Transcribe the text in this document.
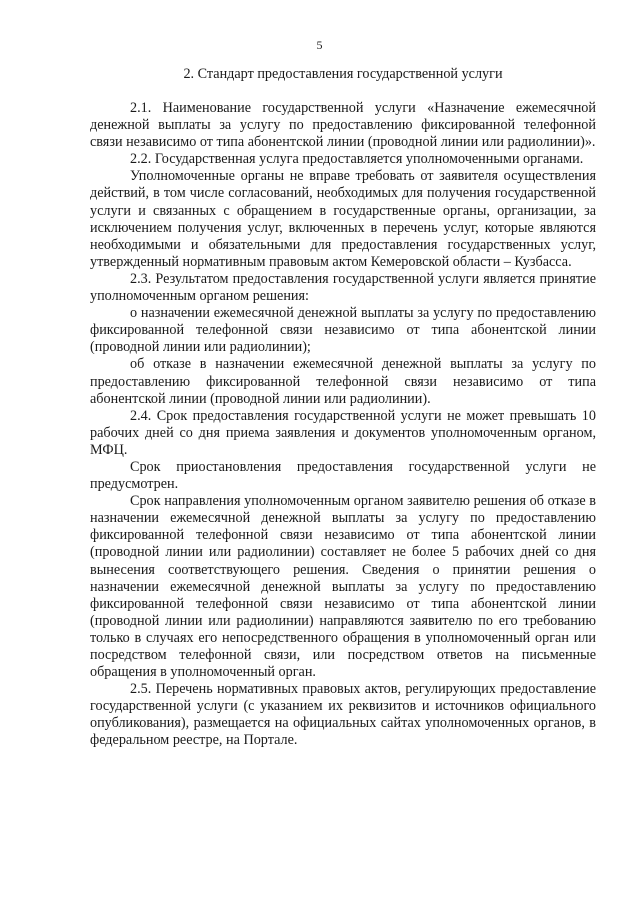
5
2. Стандарт предоставления государственной услуги

2.1. Наименование государственной услуги «Назначение ежемесячной денежной выплаты за услугу по предоставлению фиксированной телефонной связи независимо от типа абонентской линии (проводной линии или радиолинии)».

2.2. Государственная услуга предоставляется уполномоченными органами.

Уполномоченные органы не вправе требовать от заявителя осуществления действий, в том числе согласований, необходимых для получения государственной услуги и связанных с обращением в государственные органы, организации, за исключением получения услуг, включенных в перечень услуг, которые являются необходимыми и обязательными для предоставления государственных услуг, утвержденный нормативным правовым актом Кемеровской области – Кузбасса.

2.3. Результатом предоставления государственной услуги является принятие уполномоченным органом решения:

о назначении ежемесячной денежной выплаты за услугу по предоставлению фиксированной телефонной связи независимо от типа абонентской линии (проводной линии или радиолинии);

об отказе в назначении ежемесячной денежной выплаты за услугу по предоставлению фиксированной телефонной связи независимо от типа абонентской линии (проводной линии или радиолинии).

2.4. Срок предоставления государственной услуги не может превышать 10 рабочих дней со дня приема заявления и документов уполномоченным органом, МФЦ.

Срок приостановления предоставления государственной услуги не предусмотрен.

Срок направления уполномоченным органом заявителю решения об отказе в назначении ежемесячной денежной выплаты за услугу по предоставлению фиксированной телефонной связи независимо от типа абонентской линии (проводной линии или радиолинии) составляет не более 5 рабочих дней со дня вынесения соответствующего решения. Сведения о принятии решения о назначении ежемесячной денежной выплаты за услугу по предоставлению фиксированной телефонной связи независимо от типа абонентской линии (проводной линии или радиолинии) направляются заявителю по его требованию только в случаях его непосредственного обращения в уполномоченный орган или посредством телефонной связи, или посредством ответов на письменные обращения в уполномоченный орган.

2.5. Перечень нормативных правовых актов, регулирующих предоставление государственной услуги (с указанием их реквизитов и источников официального опубликования), размещается на официальных сайтах уполномоченных органов, в федеральном реестре, на Портале.
